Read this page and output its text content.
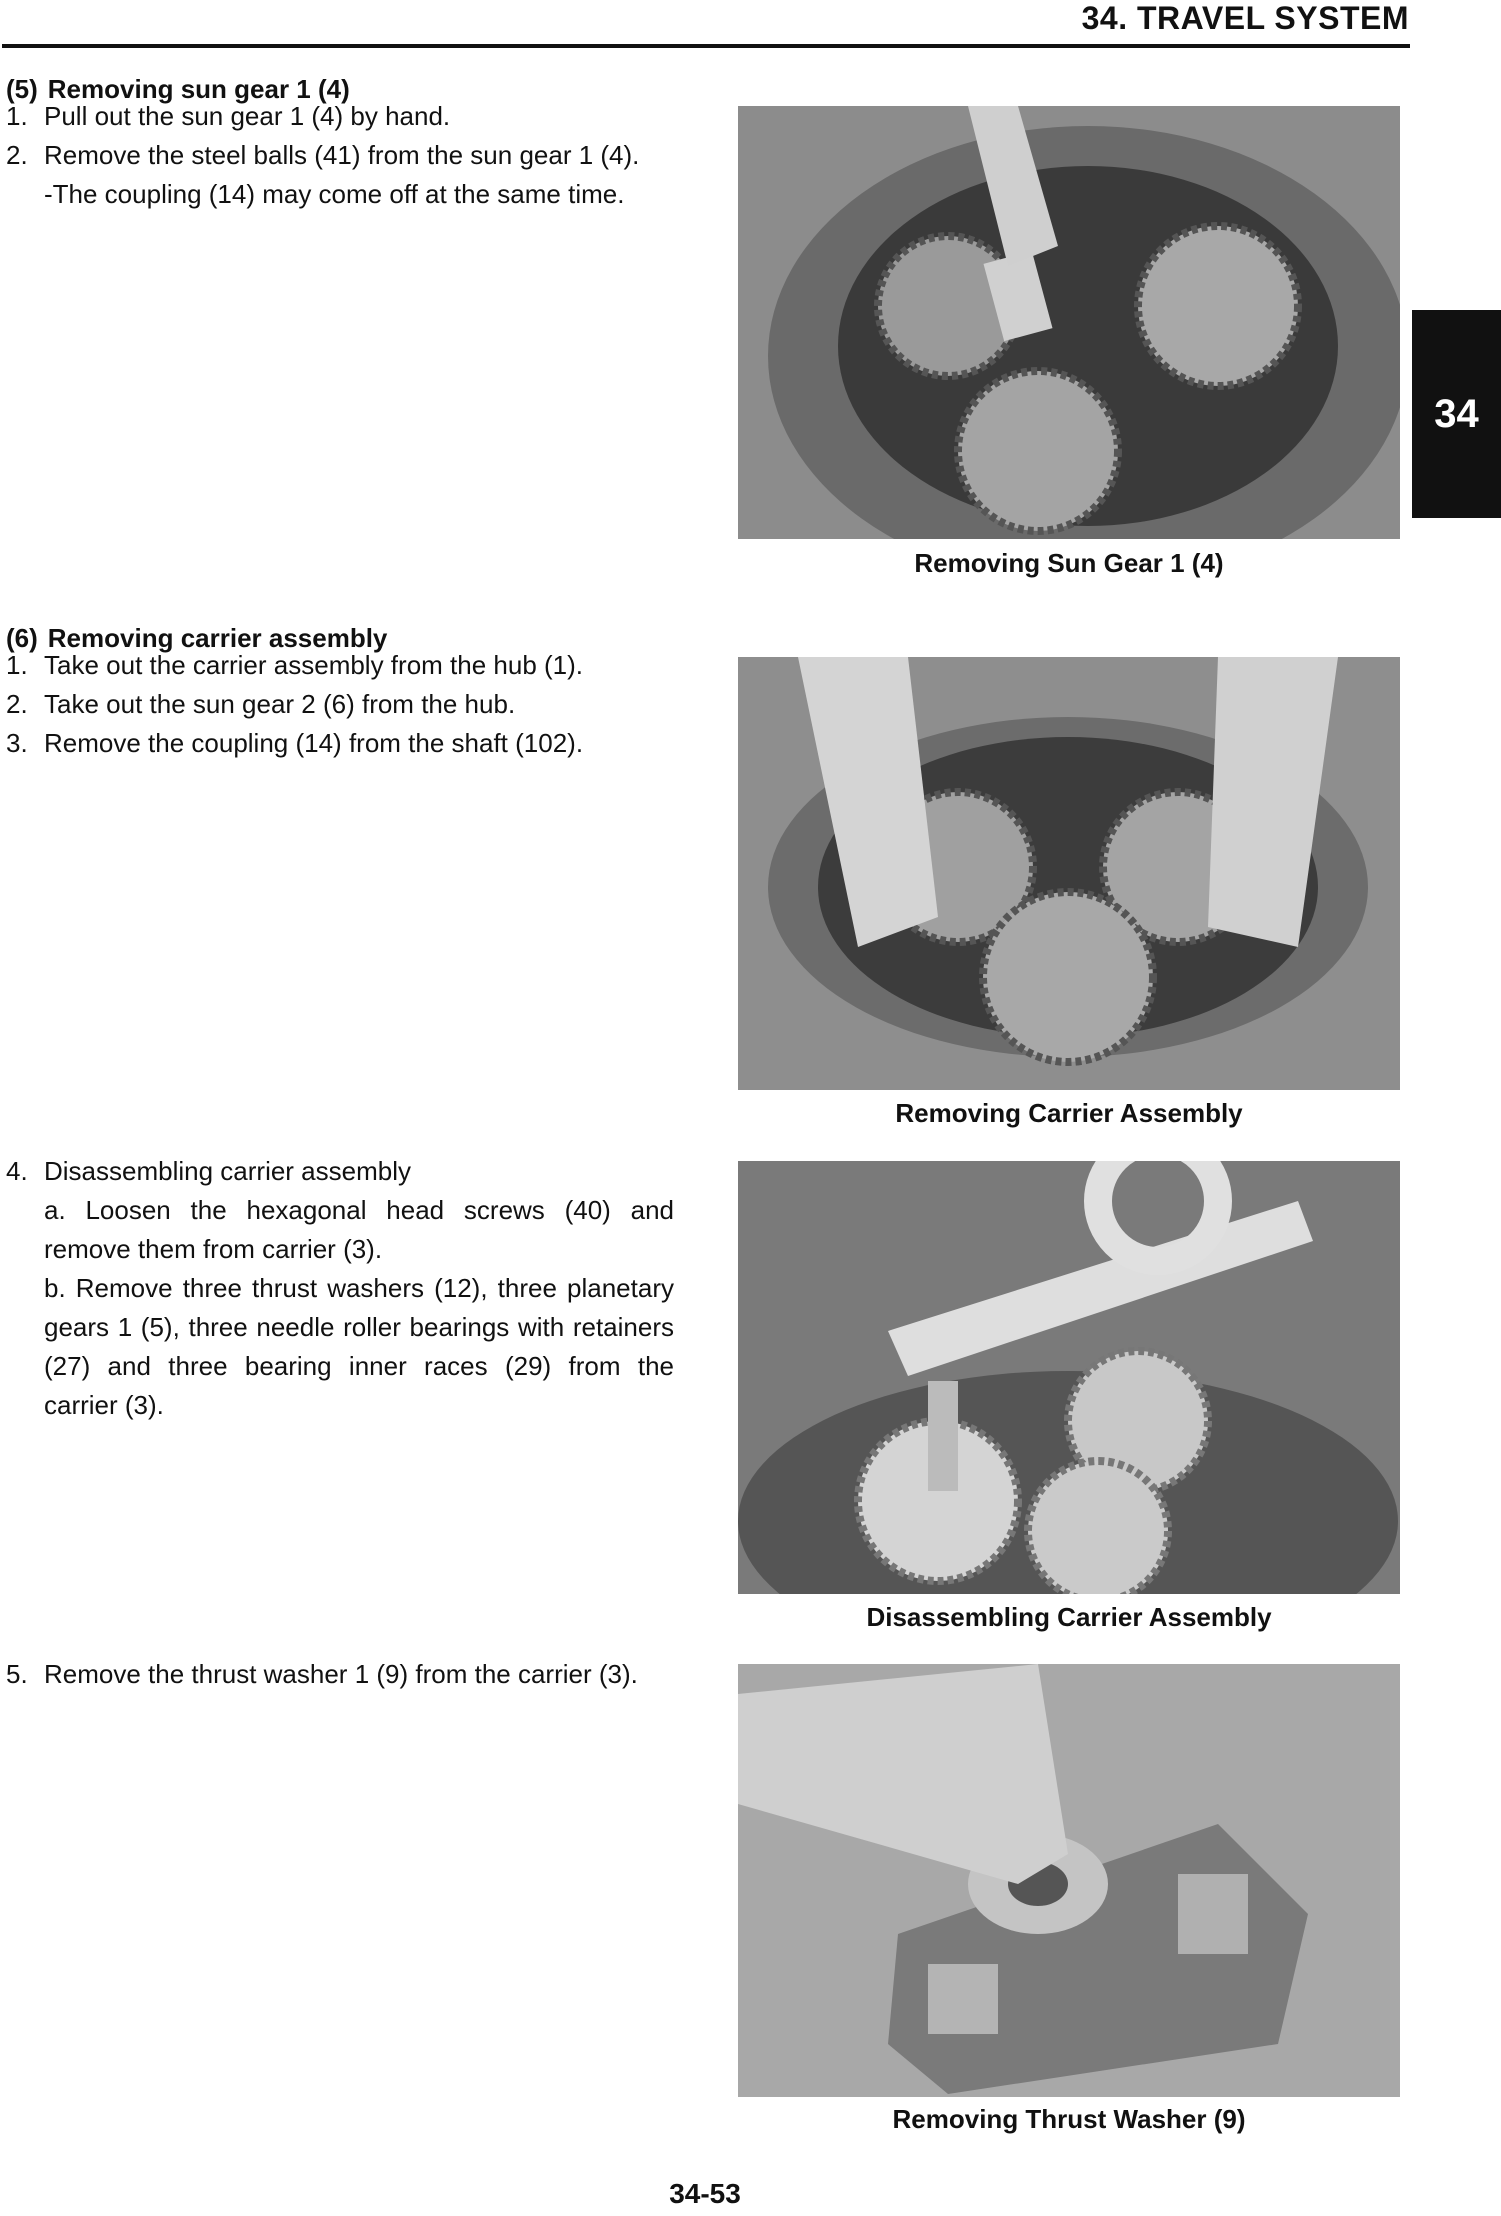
34. TRAVEL SYSTEM
34
(5) Removing sun gear 1 (4)
1. Pull out the sun gear 1 (4) by hand.
2. Remove the steel balls (41) from the sun gear 1 (4).
-The coupling (14) may come off at the same time.
Removing Sun Gear 1 (4)
(6) Removing carrier assembly
1. Take out the carrier assembly from the hub (1).
2. Take out the sun gear 2 (6) from the hub.
3. Remove the coupling (14) from the shaft (102).
Removing Carrier Assembly
4. Disassembling carrier assembly
a. Loosen the hexagonal head screws (40) and remove them from carrier (3).
b. Remove three thrust washers (12), three planetary gears 1 (5), three needle roller bearings with retainers (27) and three bearing inner races (29) from the carrier (3).
Disassembling Carrier Assembly
5. Remove the thrust washer 1 (9) from the carrier (3).
Removing Thrust Washer (9)
34-53
